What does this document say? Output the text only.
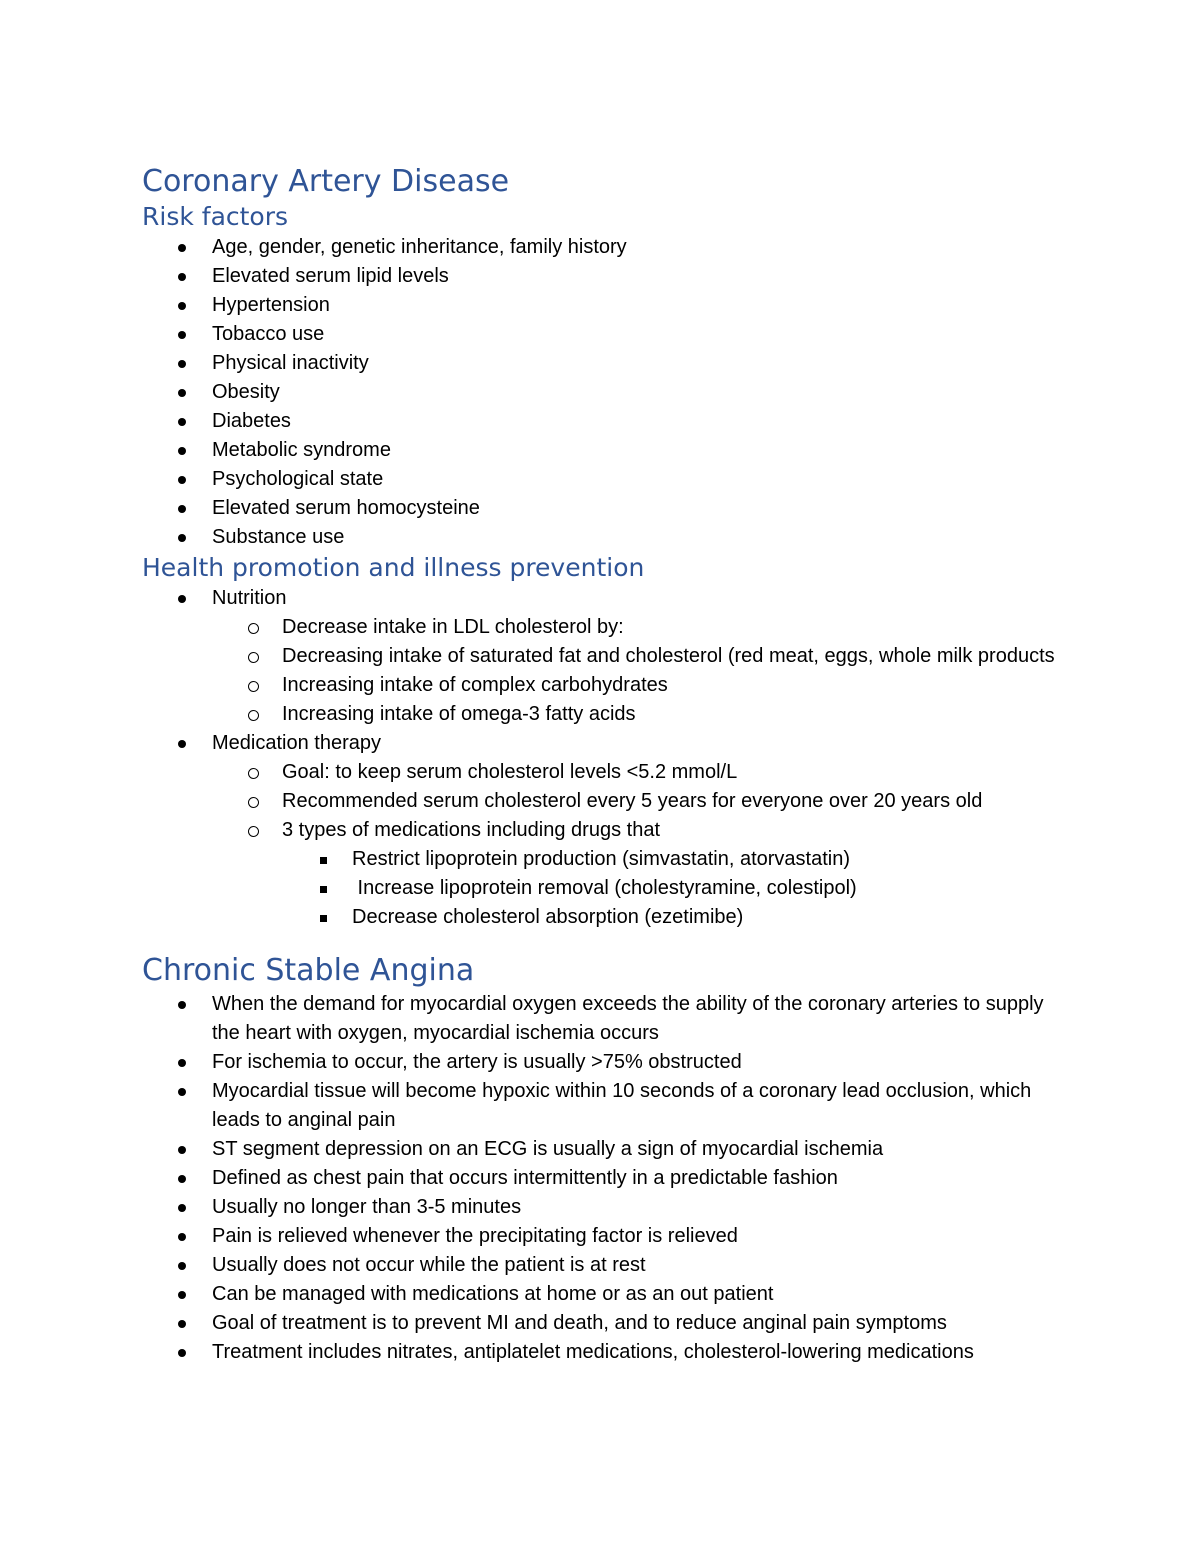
Coronary Artery Disease
Risk factors
Age, gender, genetic inheritance, family history
Elevated serum lipid levels
Hypertension
Tobacco use
Physical inactivity
Obesity
Diabetes
Metabolic syndrome
Psychological state
Elevated serum homocysteine
Substance use
Health promotion and illness prevention
Nutrition
Decrease intake in LDL cholesterol by:
Decreasing intake of saturated fat and cholesterol (red meat, eggs, whole milk products
Increasing intake of complex carbohydrates
Increasing intake of omega-3 fatty acids
Medication therapy
Goal: to keep serum cholesterol levels <5.2 mmol/L
Recommended serum cholesterol every 5 years for everyone over 20 years old
3 types of medications including drugs that
Restrict lipoprotein production (simvastatin, atorvastatin)
Increase lipoprotein removal (cholestyramine, colestipol)
Decrease cholesterol absorption (ezetimibe)
Chronic Stable Angina
When the demand for myocardial oxygen exceeds the ability of the coronary arteries to supply the heart with oxygen, myocardial ischemia occurs
For ischemia to occur, the artery is usually >75% obstructed
Myocardial tissue will become hypoxic within 10 seconds of a coronary lead occlusion, which leads to anginal pain
ST segment depression on an ECG is usually a sign of myocardial ischemia
Defined as chest pain that occurs intermittently in a predictable fashion
Usually no longer than 3-5 minutes
Pain is relieved whenever the precipitating factor is relieved
Usually does not occur while the patient is at rest
Can be managed with medications at home or as an out patient
Goal of treatment is to prevent MI and death, and to reduce anginal pain symptoms
Treatment includes nitrates, antiplatelet medications, cholesterol-lowering medications
